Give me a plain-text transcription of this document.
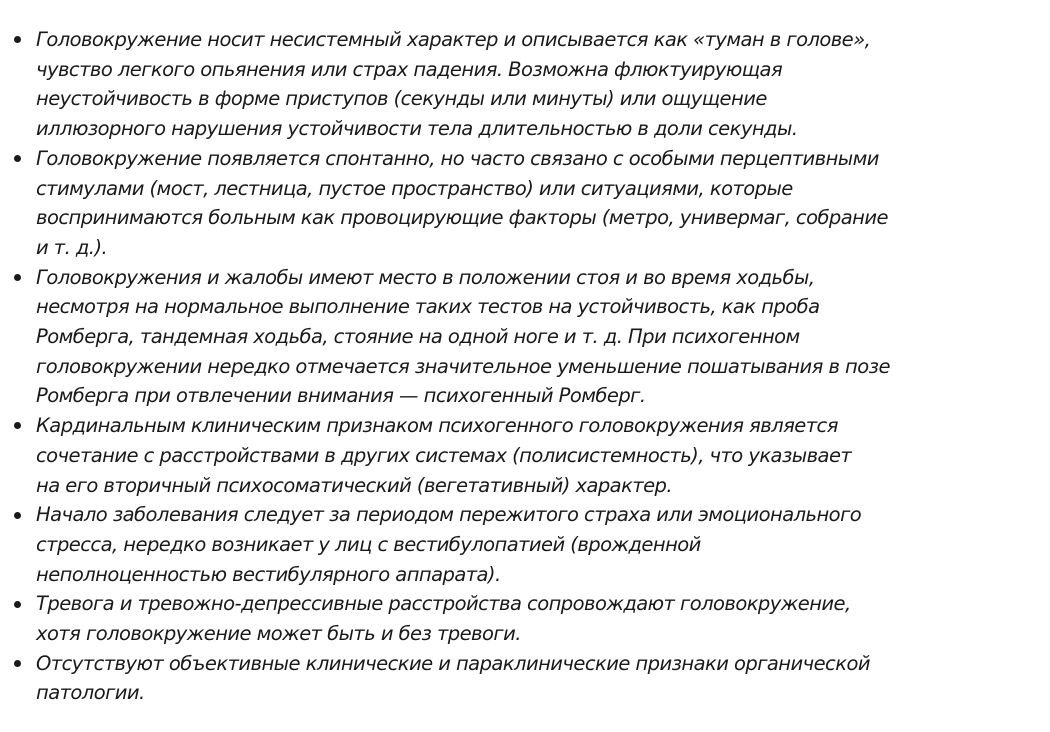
Головокружение носит несистемный характер и описывается как «туман в голове»,
чувство легкого опьянения или страх падения. Возможна флюктуирующая
неустойчивость в форме приступов (секунды или минуты) или ощущение
иллюзорного нарушения устойчивости тела длительностью в доли секунды.
Головокружение появляется спонтанно, но часто связано с особыми перцептивными
стимулами (мост, лестница, пустое пространство) или ситуациями, которые
воспринимаются больным как провоцирующие факторы (метро, универмаг, собрание
и т. д.).
Головокружения и жалобы имеют место в положении стоя и во время ходьбы,
несмотря на нормальное выполнение таких тестов на устойчивость, как проба
Ромберга, тандемная ходьба, стояние на одной ноге и т. д. При психогенном
головокружении нередко отмечается значительное уменьшение пошатывания в позе
Ромберга при отвлечении внимания — психогенный Ромберг.
Кардинальным клиническим признаком психогенного головокружения является
сочетание с расстройствами в других системах (полисистемность), что указывает
на его вторичный психосоматический (вегетативный) характер.
Начало заболевания следует за периодом пережитого страха или эмоционального
стресса, нередко возникает у лиц с вестибулопатией (врожденной
неполноценностью вестибулярного аппарата).
Тревога и тревожно-депрессивные расстройства сопровождают головокружение,
хотя головокружение может быть и без тревоги.
Отсутствуют объективные клинические и параклинические признаки органической
патологии.
